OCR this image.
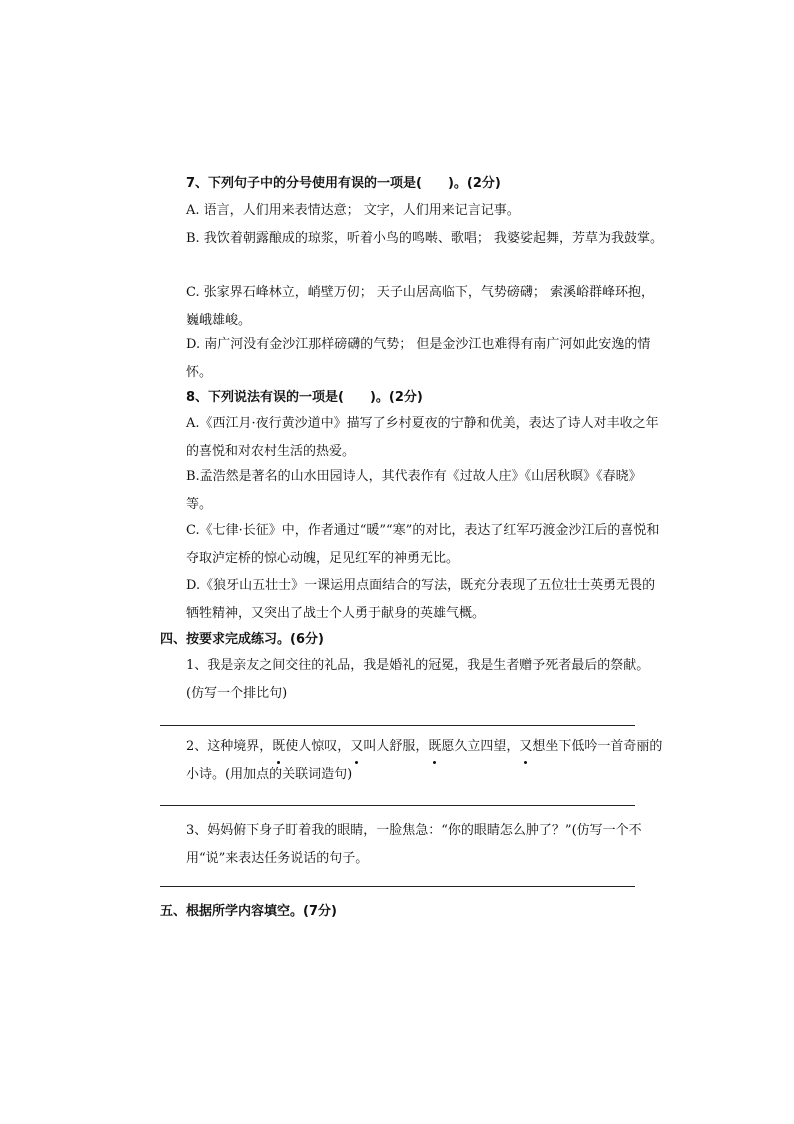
7、下列句子中的分号使用有误的一项是(　　)。(2分)
A. 语言，人们用来表情达意； 文字，人们用来记言记事。
B. 我饮着朝露酿成的琼浆，听着小鸟的鸣啭、歌唱； 我婆娑起舞，芳草为我鼓掌。
C. 张家界石峰林立，峭壁万仞； 天子山居高临下，气势磅礴； 索溪峪群峰环抱，巍峨雄峻。
D. 南广河没有金沙江那样磅礴的气势； 但是金沙江也难得有南广河如此安逸的情怀。
8、下列说法有误的一项是(　　)。(2分)
A.《西江月·夜行黄沙道中》描写了乡村夏夜的宁静和优美，表达了诗人对丰收之年的喜悦和对农村生活的热爱。
B.孟浩然是著名的山水田园诗人，其代表作有《过故人庄》《山居秋暝》《春晓》等。
C.《七律·长征》中，作者通过“暖”“寒”的对比，表达了红军巧渡金沙江后的喜悦和夺取泸定桥的惊心动魄，足见红军的神勇无比。
D.《狼牙山五壮士》一课运用点面结合的写法，既充分表现了五位壮士英勇无畏的牺牲精神，又突出了战士个人勇于献身的英雄气概。
四、按要求完成练习。(6分)
1、我是亲友之间交往的礼品，我是婚礼的冠冕，我是生者赠予死者最后的祭献。(仿写一个排比句)
2、这种境界，既使人惊叹，又叫人舒服，既愿久立四望，又想坐下低吟一首奇丽的小诗。(用加点的关联词造句)
3、妈妈俯下身子盯着我的眼睛，一脸焦急：“你的眼睛怎么肿了？”(仿写一个不用“说”来表达任务说话的句子。
五、根据所学内容填空。(7分)
